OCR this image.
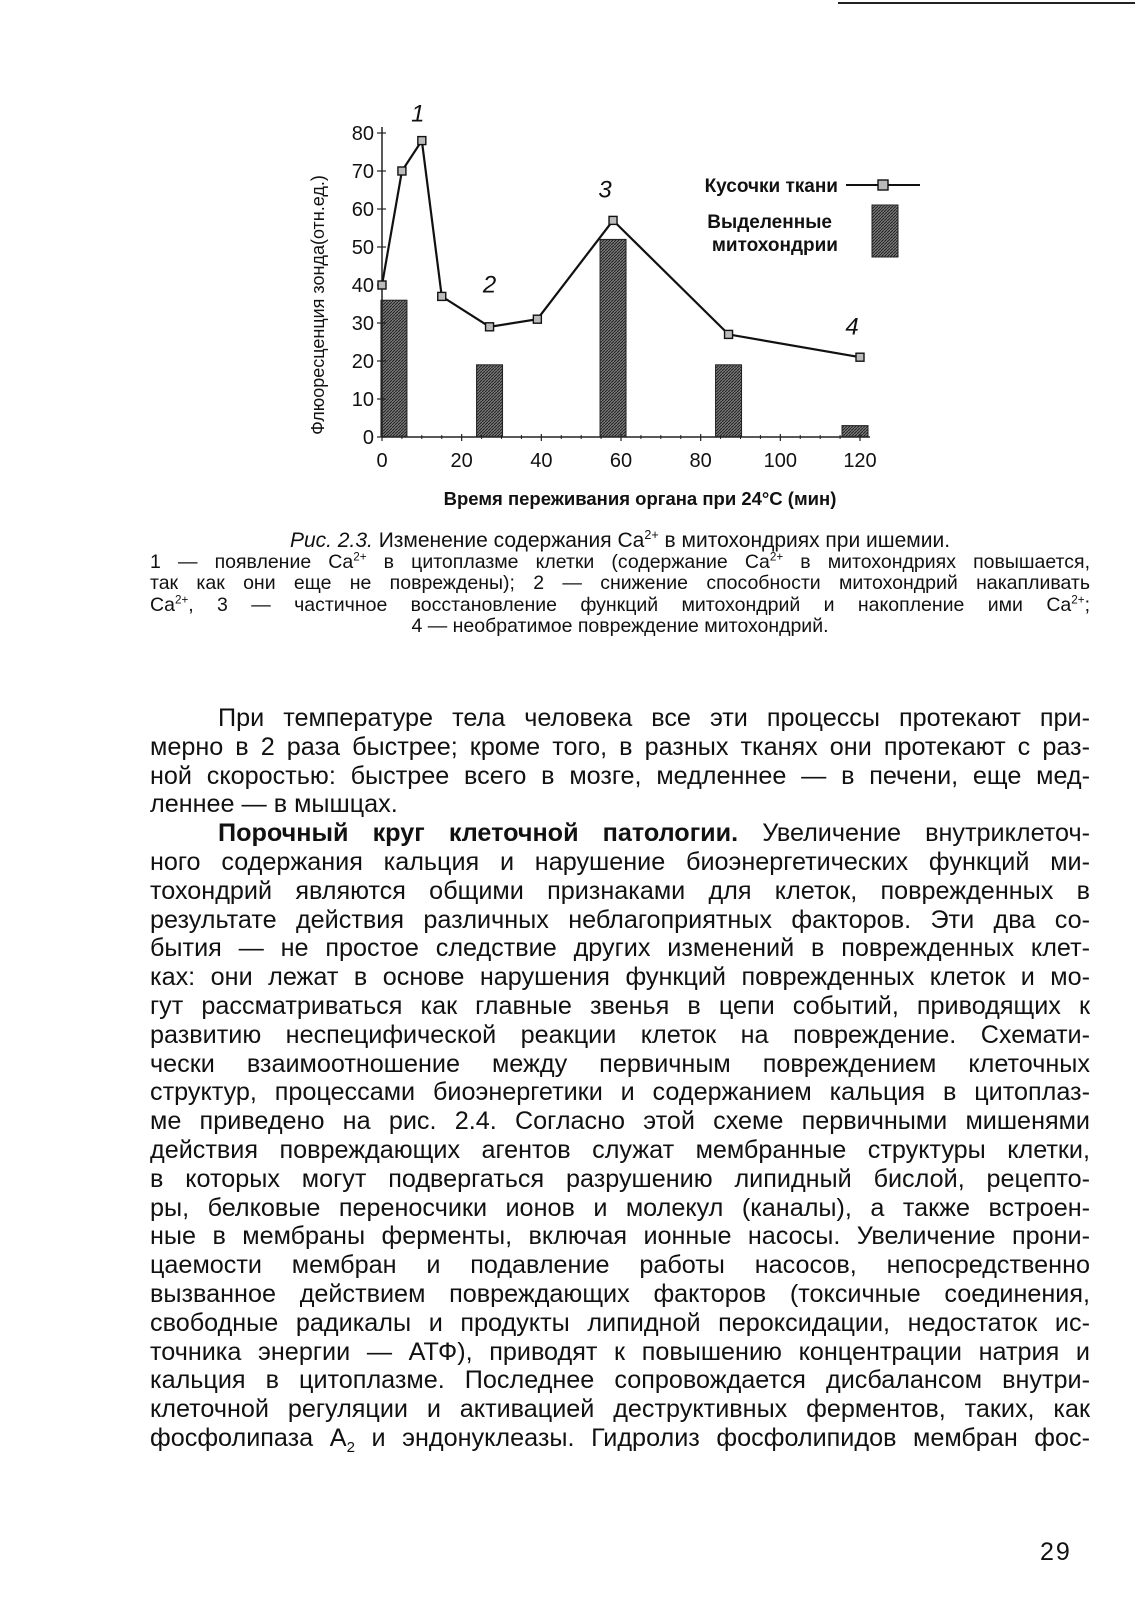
0
10
20
30
40
50
60
70
80
0	20	40	60	80	100 120
1
2
3
4
Флюоресценция зонда(отн.ед.)
Время переживания органа при 24°С (мин)
Кусочки ткани
Выделенные митохондрии
Рис. 2.3. Изменение содержания $Ca^{2+}$ в митохондриях при ишемии.
1 — появление $Ca^{2+}$ в цитоплазме клетки (содержание $Ca^{2+}$ в митохондриях повышается,
так как они еще не повреждены); 2 — снижение способности митохондрий накапливать
$Ca^{2+}$, 3 — частичное восстановление функций митохондрий и накопление ими $Ca^{2+}$;
4 — необратимое повреждение митохондрий.
При температуре тела человека все эти процессы протекают при-
мерно в 2 раза быстрее; кроме того, в разных тканях они протекают с раз-
ной скоростью: быстрее всего в мозге, медленнее — в печени, еще мед-
леннее — в мышцах.
Порочный круг клеточной патологии. Увеличение внутриклеточ-
ного содержания кальция и нарушение биоэнергетических функций ми-
тохондрий являются общими признаками для клеток, поврежденных в
результате действия различных неблагоприятных факторов. Эти два со-
бытия — не простое следствие других изменений в поврежденных клет-
ках: они лежат в основе нарушения функций поврежденных клеток и мо-
гут рассматриваться как главные звенья в цепи событий, приводящих к
развитию неспецифической реакции клеток на повреждение. Схемати-
чески взаимоотношение между первичным повреждением клеточных
структур, процессами биоэнергетики и содержанием кальция в цитоплаз-
ме приведено на рис. 2.4. Согласно этой схеме первичными мишенями
действия повреждающих агентов служат мембранные структуры клетки,
в которых могут подвергаться разрушению липидный бислой, рецепто-
ры, белковые переносчики ионов и молекул (каналы), а также встроен-
ные в мембраны ферменты, включая ионные насосы. Увеличение прони-
цаемости мембран и подавление работы насосов, непосредственно
вызванное действием повреждающих факторов (токсичные соединения,
свободные радикалы и продукты липидной пероксидации, недостаток ис-
точника энергии — АТФ), приводят к повышению концентрации натрия и
кальция в цитоплазме. Последнее сопровождается дисбалансом внутри-
клеточной регуляции и активацией деструктивных ферментов, таких, как
фосфолипаза $А_2$ и эндонуклеазы. Гидролиз фосфолипидов мембран фос-
29
